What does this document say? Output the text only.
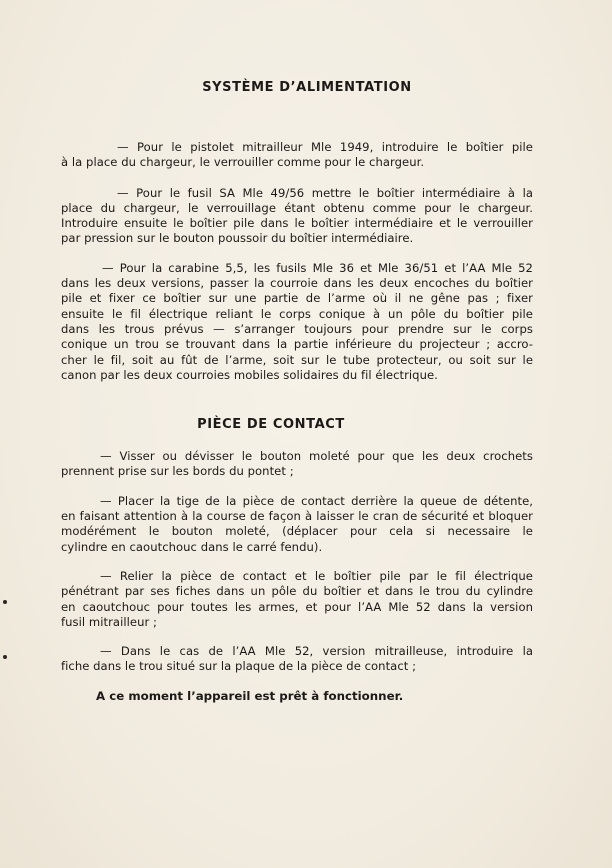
SYSTÈME D’ALIMENTATION

— Pour le pistolet mitrailleur Mle 1949, introduire le boîtier pile
à la place du chargeur, le verrouiller comme pour le chargeur.

— Pour le fusil SA Mle 49/56 mettre le boîtier intermédiaire à la
place du chargeur, le verrouillage étant obtenu comme pour le chargeur.
Introduire ensuite le boîtier pile dans le boîtier intermédiaire et le verrouiller
par pression sur le bouton poussoir du boîtier intermédiaire.

— Pour la carabine 5,5, les fusils Mle 36 et Mle 36/51 et l’AA Mle 52
dans les deux versions, passer la courroie dans les deux encoches du boîtier
pile et fixer ce boîtier sur une partie de l’arme où il ne gêne pas ; fixer
ensuite le fil électrique reliant le corps conique à un pôle du boîtier pile
dans les trous prévus — s’arranger toujours pour prendre sur le corps
conique un trou se trouvant dans la partie inférieure du projecteur ; accro-
cher le fil, soit au fût de l’arme, soit sur le tube protecteur, ou soit sur le
canon par les deux courroies mobiles solidaires du fil électrique.

PIÈCE DE CONTACT

— Visser ou dévisser le bouton moleté pour que les deux crochets
prennent prise sur les bords du pontet ;

— Placer la tige de la pièce de contact derrière la queue de détente,
en faisant attention à la course de façon à laisser le cran de sécurité et bloquer
modérément le bouton moleté, (déplacer pour cela si necessaire le
cylindre en caoutchouc dans le carré fendu).

— Relier la pièce de contact et le boîtier pile par le fil électrique
pénétrant par ses fiches dans un pôle du boîtier et dans le trou du cylindre
en caoutchouc pour toutes les armes, et pour l’AA Mle 52 dans la version
fusil mitrailleur ;

— Dans le cas de l’AA Mle 52, version mitrailleuse, introduire la
fiche dans le trou situé sur la plaque de la pièce de contact ;

A ce moment l’appareil est prêt à fonctionner.
